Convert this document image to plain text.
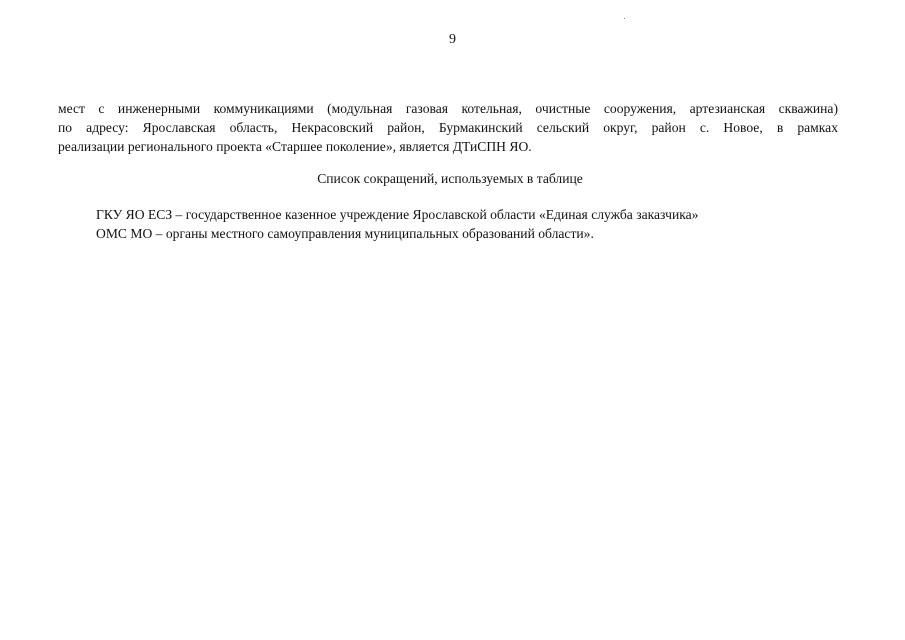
9
мест с инженерными коммуникациями (модульная газовая котельная, очистные сооружения, артезианская скважина)
по адресу: Ярославская область, Некрасовский район, Бурмакинский сельский округ, район с. Новое, в рамках
реализации регионального проекта «Старшее поколение», является ДТиСПН ЯО.
Список сокращений, используемых в таблице
ГКУ ЯО ЕСЗ – государственное казенное учреждение Ярославской области «Единая служба заказчика»
ОМС МО – органы местного самоуправления муниципальных образований области».
